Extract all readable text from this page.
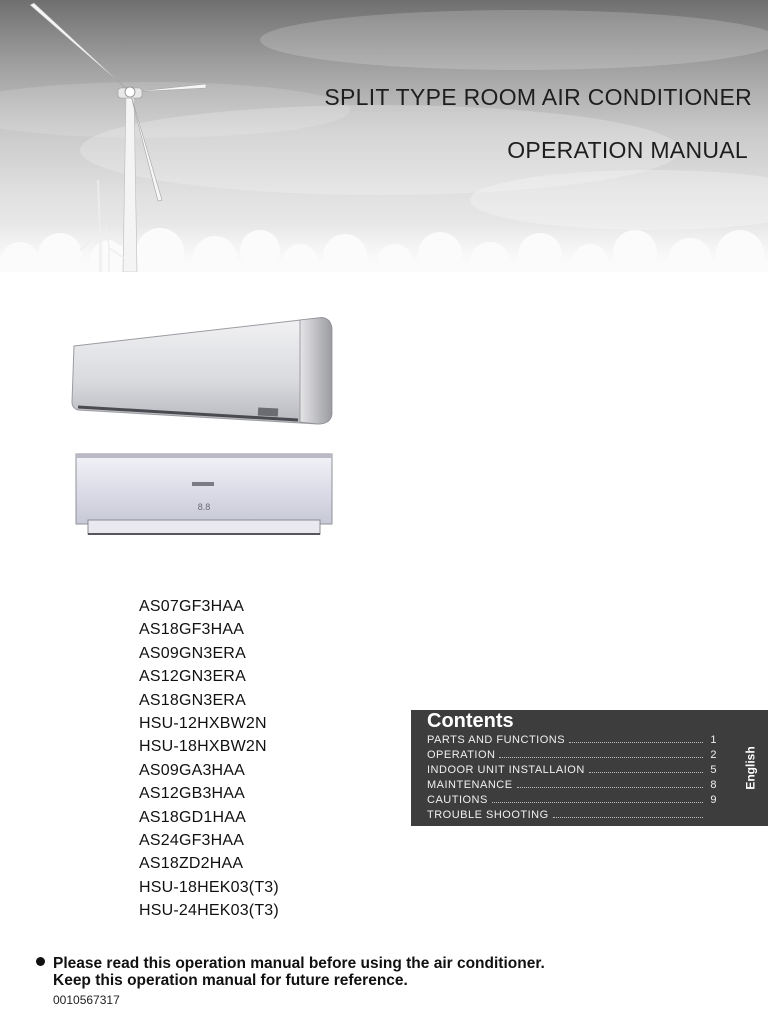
SPLIT TYPE ROOM AIR CONDITIONER
OPERATION MANUAL
8.8
AS07GF3HAA
AS18GF3HAA
AS09GN3ERA
AS12GN3ERA
AS18GN3ERA
HSU-12HXBW2N
HSU-18HXBW2N
AS09GA3HAA
AS12GB3HAA
AS18GD1HAA
AS24GF3HAA
AS18ZD2HAA
HSU-18HEK03(T3)
HSU-24HEK03(T3)
Contents
PARTS AND FUNCTIONS	1
OPERATION	2
INDOOR UNIT INSTALLAION	5
MAINTENANCE	8
CAUTIONS	9
TROUBLE SHOOTING
English
Please read this operation manual before using the air conditioner.
Keep this operation manual for future reference.
0010567317
